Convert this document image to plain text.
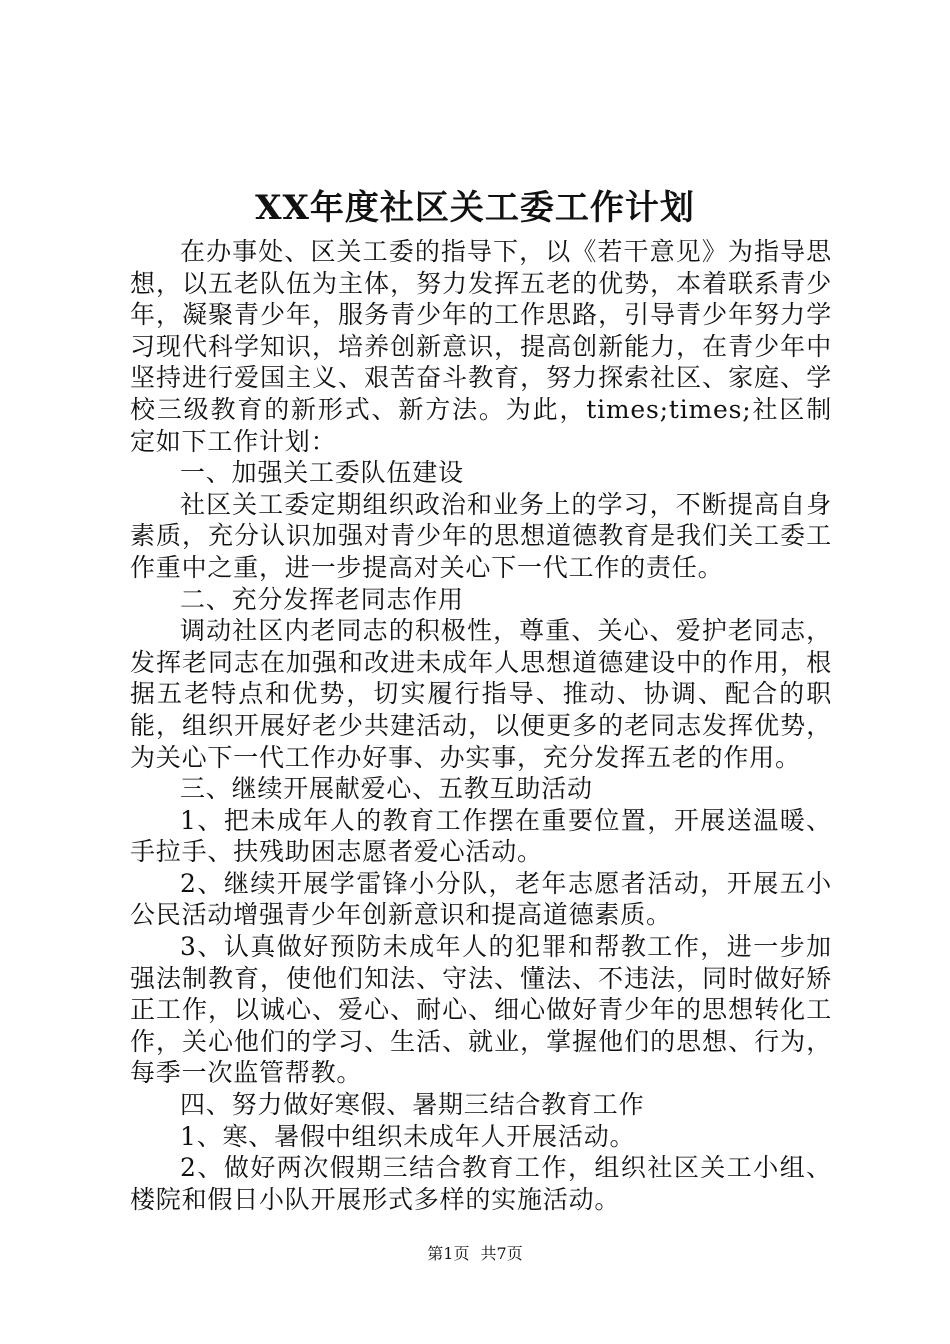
XX年度社区关工委工作计划

在办事处、区关工委的指导下，以《若干意见》为指导思想，以五老队伍为主体，努力发挥五老的优势，本着联系青少年，凝聚青少年，服务青少年的工作思路，引导青少年努力学习现代科学知识，培养创新意识，提高创新能力，在青少年中坚持进行爱国主义、艰苦奋斗教育，努力探索社区、家庭、学校三级教育的新形式、新方法。为此，times;times;社区制定如下工作计划：

一、加强关工委队伍建设

社区关工委定期组织政治和业务上的学习，不断提高自身素质，充分认识加强对青少年的思想道德教育是我们关工委工作重中之重，进一步提高对关心下一代工作的责任。

二、充分发挥老同志作用

调动社区内老同志的积极性，尊重、关心、爱护老同志，发挥老同志在加强和改进未成年人思想道德建设中的作用，根据五老特点和优势，切实履行指导、推动、协调、配合的职能，组织开展好老少共建活动，以便更多的老同志发挥优势，为关心下一代工作办好事、办实事，充分发挥五老的作用。

三、继续开展献爱心、五教互助活动

1、把未成年人的教育工作摆在重要位置，开展送温暖、手拉手、扶残助困志愿者爱心活动。

2、继续开展学雷锋小分队，老年志愿者活动，开展五小公民活动增强青少年创新意识和提高道德素质。

3、认真做好预防未成年人的犯罪和帮教工作，进一步加强法制教育，使他们知法、守法、懂法、不违法，同时做好矫正工作，以诚心、爱心、耐心、细心做好青少年的思想转化工作，关心他们的学习、生活、就业，掌握他们的思想、行为，每季一次监管帮教。

四、努力做好寒假、暑期三结合教育工作

1、寒、暑假中组织未成年人开展活动。

2、做好两次假期三结合教育工作，组织社区关工小组、楼院和假日小队开展形式多样的实施活动。

第1页 共7页
